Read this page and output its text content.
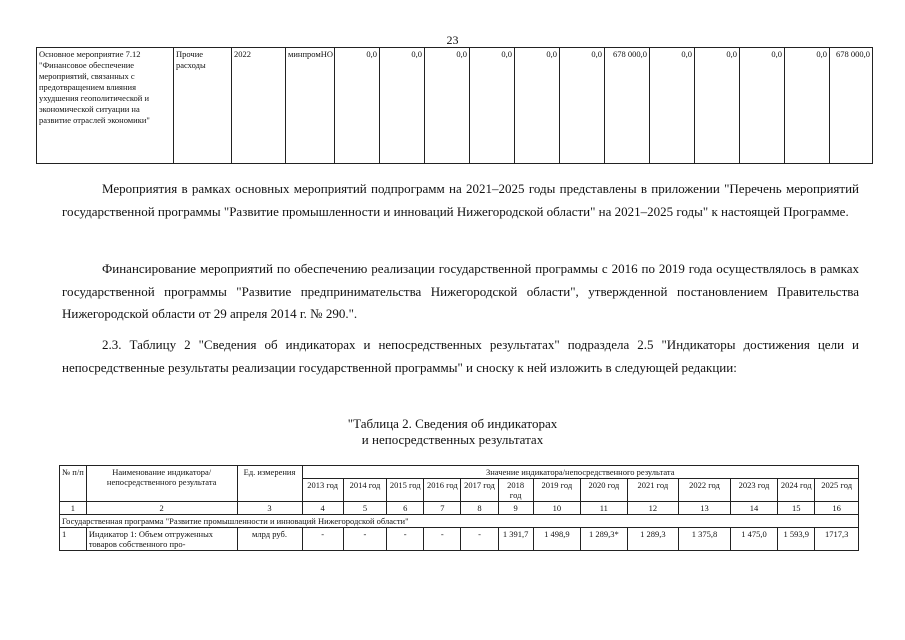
23
Основное мероприятие 7.12 "Финансовое обеспечение мероприятий, связанных с предотвращением влияния ухудшения геополитической и экономической ситуации на развитие отраслей экономики"	Прочие расходы	2022	минпромНО	0,0	0,0	0,0	0,0	0,0	0,0	678 000,0	0,0	0,0	0,0	0,0	678 000,0

Мероприятия в рамках основных мероприятий подпрограмм на 2021–2025 годы представлены в приложении "Перечень мероприятий государственной программы "Развитие промышленности и инноваций Нижегородской области" на 2021–2025 годы" к настоящей Программе.

Финансирование мероприятий по обеспечению реализации государственной программы с 2016 по 2019 года осуществлялось в рамках государственной программы "Развитие предпринимательства Нижегородской области", утвержденной постановлением Правительства Нижегородской области от 29 апреля 2014 г. № 290.".

2.3. Таблицу 2 "Сведения об индикаторах и непосредственных результатах" подраздела 2.5 "Индикаторы достижения цели и непосредственные результаты реализации государственной программы" и сноску к ней изложить в следующей редакции:

"Таблица 2. Сведения об индикаторах
и непосредственных результатах
№ п/п	Наименование индикатора/непосредственного результата	Ед. измерения	Значение индикатора/непосредственного результата												
			2013 год	2014 год	2015 год	2016 год	2017 год	2018 год	2019 год	2020 год	2021 год	2022 год	2023 год	2024 год	2025 год
1	2	3	4	5	6	7	8	9	10	11	12	13	14	15	16
Государственная программа "Развитие промышленности и инноваций Нижегородской области"															
1	Индикатор 1: Объем отгруженных товаров собственного про-	млрд руб.	-	-	-	-	-	1 391,7	1 498,9	1 289,3*	1 289,3	1 375,8	1 475,0	1 593,9	1717,3
